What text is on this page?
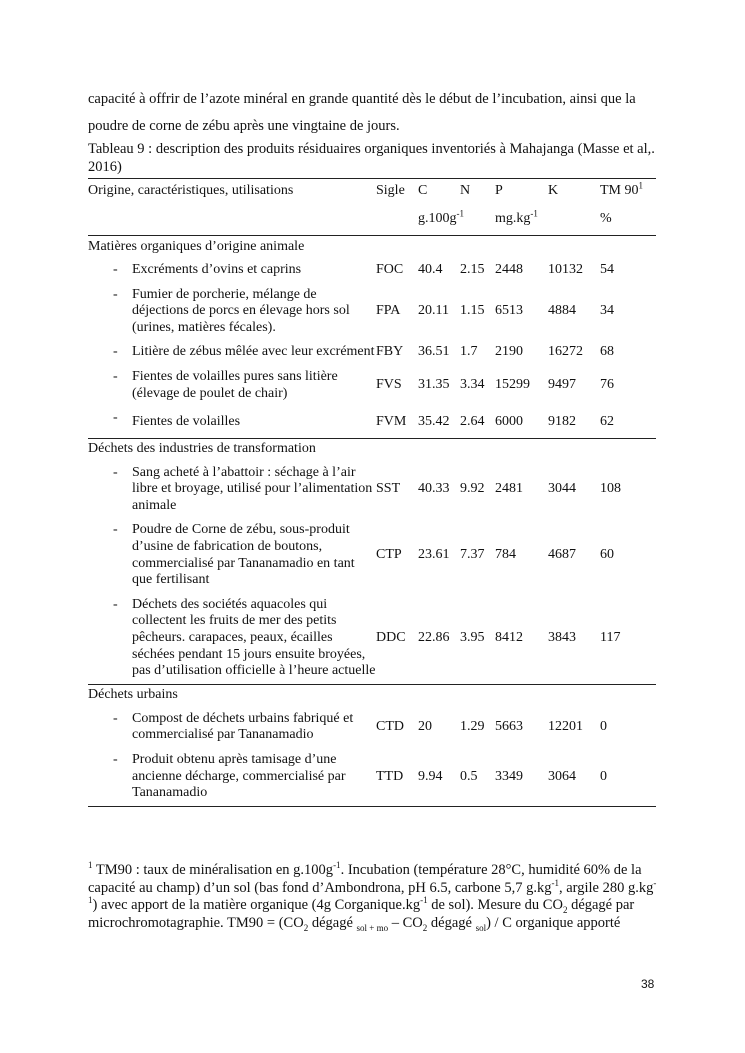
capacité à offrir de l’azote minéral en grande quantité dès le début de l’incubation, ainsi que la
poudre de corne de zébu après une vingtaine de jours.

Tableau 9 : description des produits résiduaires organiques inventoriés à Mahajanga (Masse et al,. 2016)

Origine, caractéristiques, utilisations	Sigle	C	N	P	K	TM $90^1$
		$g.100g^{-1}$		$mg.kg^{-1}$		%
Matières organiques d’origine animale						

- Excréments d’ovins et caprins	FOC	40.4	2.15	2448	10132	54

- Fumier de porcherie, mélange de déjections de porcs en élevage hors sol (urines, matières fécales).	FPA	20.11	1.15	6513	4884	34

- Litière de zébus mêlée avec leur excrément	FBY	36.51	1.7	2190	16272	68

- Fientes de volailles pures sans litière (élevage de poulet de chair)	FVS	31.35	3.34	15299	9497	76

- Fientes de volailles	FVM	35.42	2.64	6000	9182	62
Déchets des industries de transformation						

- Sang acheté à l’abattoir : séchage à l’air libre et broyage, utilisé pour l’alimentation animale	SST	40.33	9.92	2481	3044	108

- Poudre de Corne de zébu, sous-produit d’usine de fabrication de boutons, commercialisé par Tananamadio en tant que fertilisant	CTP	23.61	7.37	784	4687	60

- Déchets des sociétés aquacoles qui collectent les fruits de mer des petits pêcheurs. carapaces, peaux, écailles séchées pendant 15 jours ensuite broyées, pas d’utilisation officielle à l’heure actuelle	DDC	22.86	3.95	8412	3843	117
Déchets urbains						

- Compost de déchets urbains fabriqué et commercialisé par Tananamadio	CTD	20	1.29	5663	12201	0

- Produit obtenu après tamisage d’une ancienne décharge, commercialisé par Tananamadio	TTD	9.94	0.5	3349	3064	0

$^1$ TM90 : taux de minéralisation en $g.100g^{-1}$. Incubation (température 28°C, humidité 60% de la capacité au champ) d’un sol (bas fond d’Ambondrona, pH 6.5, carbone 5,7 $g.kg^{-1}$, argile 280 $g.kg^{-1}$) avec apport de la matière organique (4g $Corganique.kg^{-1}$ de sol). Mesure du $CO_2$ dégagé par microchromotagraphie. $TM90 = (CO_2$ dégagé $_{sol + mo} - CO_2$ dégagé $_{sol}$) / C organique apporté

38
